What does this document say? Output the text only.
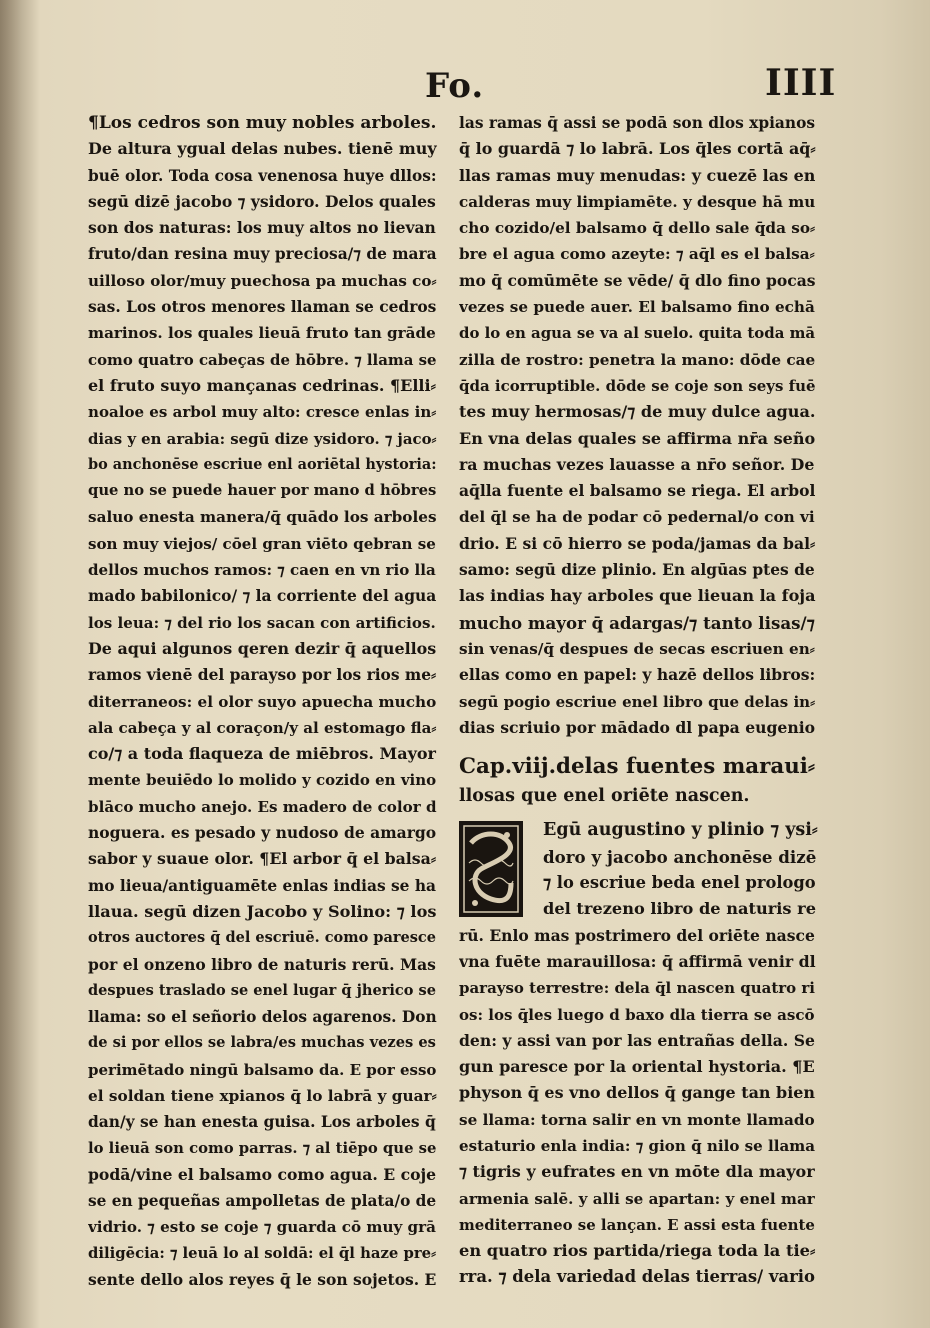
Fo.	IIII
¶Los cedros son muy nobles arboles.
De altura ygual delas nubes. tienē muy
buē olor. Toda cosa venenosa huye dllos:
segū dizē jacobo ⁊ ysidoro. Delos quales
son dos naturas: los muy altos no lievan
fruto/dan resina muy preciosa/⁊ de mara
uilloso olor/muy puechosa pa muchas co⸗
sas. Los otros menores llaman se cedros
marinos. los quales lieuā fruto tan grāde
como quatro cabeças de hōbre. ⁊ llama se
el fruto suyo mançanas cedrinas. ¶Elli⸗
noaloe es arbol muy alto: cresce enlas in⸗
dias y en arabia: segū dize ysidoro. ⁊ jaco⸗
bo anchonēse escriue enl aoriētal hystoria:
que no se puede hauer por mano d hōbres
saluo enesta manera/q̄ quādo los arboles
son muy viejos/ cōel gran viēto qebran se
dellos muchos ramos: ⁊ caen en vn rio lla
mado babilonico/ ⁊ la corriente del agua
los leua: ⁊ del rio los sacan con artificios.
De aqui algunos qeren dezir q̄ aquellos
ramos vienē del parayso por los rios me⸗
diterraneos: el olor suyo apuecha mucho
ala cabeça y al coraçon/y al estomago fla⸗
co/⁊ a toda flaqueza de miēbros. Mayor
mente beuiēdo lo molido y cozido en vino
blāco mucho anejo. Es madero de color d
noguera. es pesado y nudoso de amargo
sabor y suaue olor. ¶El arbor q̄ el balsa⸗
mo lieua/antiguamēte enlas indias se ha
llaua. segū dizen Jacobo y Solino: ⁊ los
otros auctores q̄ del escriuē. como paresce
por el onzeno libro de naturis rerū. Mas
despues traslado se enel lugar q̄ jherico se
llama: so el señorio delos agarenos. Don
de si por ellos se labra/es muchas vezes es
perimētado ningū balsamo da. E por esso
el soldan tiene xpianos q̄ lo labrā y guar⸗
dan/y se han enesta guisa. Los arboles q̄
lo lieuā son como parras. ⁊ al tiēpo que se
podā/vine el balsamo como agua. E coje
se en pequeñas ampolletas de plata/o de
vidrio. ⁊ esto se coje ⁊ guarda cō muy grā
diligēcia: ⁊ leuā lo al soldā: el q̄l haze pre⸗
sente dello alos reyes q̄ le son sojetos. E
las ramas q̄ assi se podā son dlos xpianos
q̄ lo guardā ⁊ lo labrā. Los q̄les cortā aq̄⸗
llas ramas muy menudas: y cuezē las en
calderas muy limpiamēte. y desque hā mu
cho cozido/el balsamo q̄ dello sale q̄da so⸗
bre el agua como azeyte: ⁊ aq̄l es el balsa⸗
mo q̄ comūmēte se vēde/ q̄ dlo fino pocas
vezes se puede auer. El balsamo fino echā
do lo en agua se va al suelo. quita toda mā
zilla de rostro: penetra la mano: dōde cae
q̄da icorruptible. dōde se coje son seys fuē
tes muy hermosas/⁊ de muy dulce agua.
En vna delas quales se affirma nr̄a seño
ra muchas vezes lauasse a nr̄o señor. De
aq̄lla fuente el balsamo se riega. El arbol
del q̄l se ha de podar cō pedernal/o con vi
drio. E si cō hierro se poda/jamas da bal⸗
samo: segū dize plinio. En algūas ptes de
las indias hay arboles que lieuan la foja
mucho mayor q̄ adargas/⁊ tanto lisas/⁊
sin venas/q̄ despues de secas escriuen en⸗
ellas como en papel: y hazē dellos libros:
segū pogio escriue enel libro que delas in⸗
dias scriuio por mādado dl papa eugenio
Cap.viij.delas fuentes maraui⸗
llosas que enel oriēte nascen.
Egū augustino y plinio ⁊ ysi⸗
doro y jacobo anchonēse dizē
⁊ lo escriue beda enel prologo
del trezeno libro de naturis re
rū. Enlo mas postrimero del oriēte nasce
vna fuēte marauillosa: q̄ affirmā venir dl
parayso terrestre: dela q̄l nascen quatro ri
os: los q̄les luego d baxo dla tierra se ascō
den: y assi van por las entrañas della. Se
gun paresce por la oriental hystoria. ¶E
physon q̄ es vno dellos q̄ gange tan bien
se llama: torna salir en vn monte llamado
estaturio enla india: ⁊ gion q̄ nilo se llama
⁊ tigris y eufrates en vn mōte dla mayor
armenia salē. y alli se apartan: y enel mar
mediterraneo se lançan. E assi esta fuente
en quatro rios partida/riega toda la tie⸗
rra. ⁊ dela variedad delas tierras/ vario
